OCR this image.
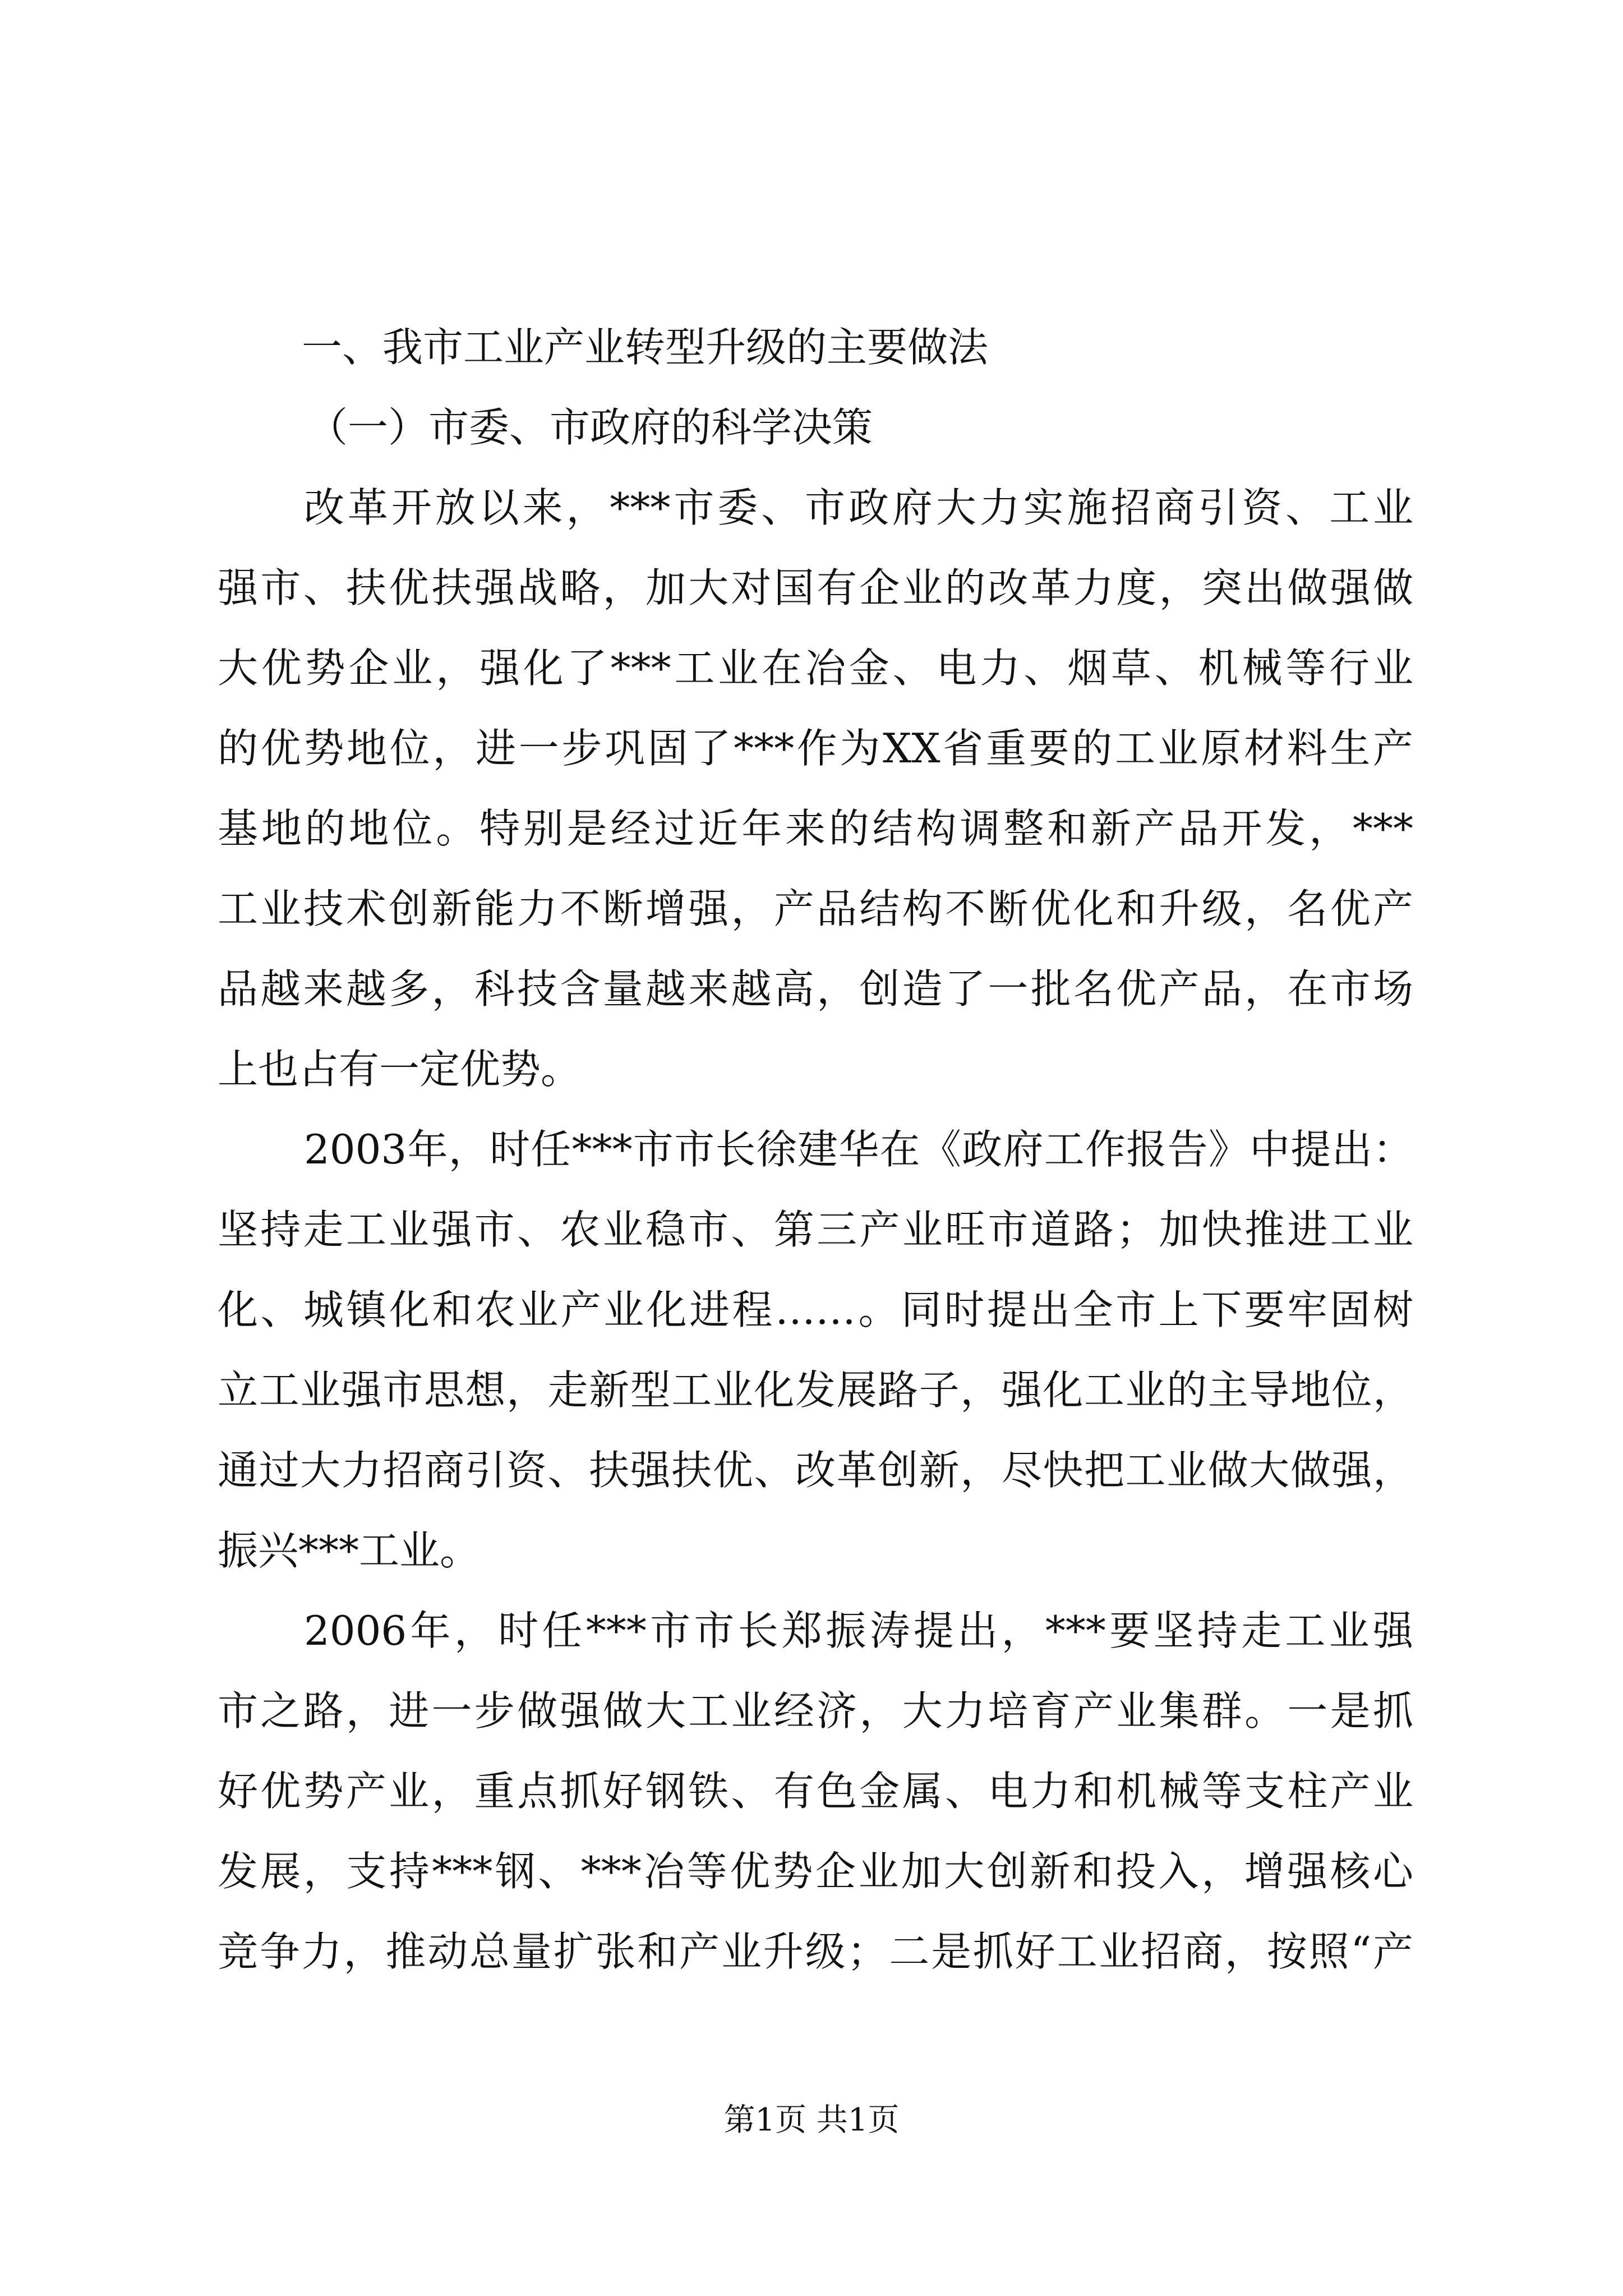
一、我市工业产业转型升级的主要做法
（一）市委、市政府的科学决策
改革开放以来，***市委、市政府大力实施招商引资、工业
强市、扶优扶强战略，加大对国有企业的改革力度，突出做强做
大优势企业，强化了***工业在冶金、电力、烟草、机械等行业
的优势地位，进一步巩固了***作为XX省重要的工业原材料生产
基地的地位。特别是经过近年来的结构调整和新产品开发，***
工业技术创新能力不断增强，产品结构不断优化和升级，名优产
品越来越多，科技含量越来越高，创造了一批名优产品，在市场
上也占有一定优势。
2003年，时任***市市长徐建华在《政府工作报告》中提出：
坚持走工业强市、农业稳市、第三产业旺市道路；加快推进工业
化、城镇化和农业产业化进程……。同时提出全市上下要牢固树
立工业强市思想，走新型工业化发展路子，强化工业的主导地位，
通过大力招商引资、扶强扶优、改革创新，尽快把工业做大做强，
振兴***工业。
2006年，时任***市市长郑振涛提出，***要坚持走工业强
市之路，进一步做强做大工业经济，大力培育产业集群。一是抓
好优势产业，重点抓好钢铁、有色金属、电力和机械等支柱产业
发展，支持***钢、***冶等优势企业加大创新和投入，增强核心
竞争力，推动总量扩张和产业升级；二是抓好工业招商，按照“产
第1页 共1页
